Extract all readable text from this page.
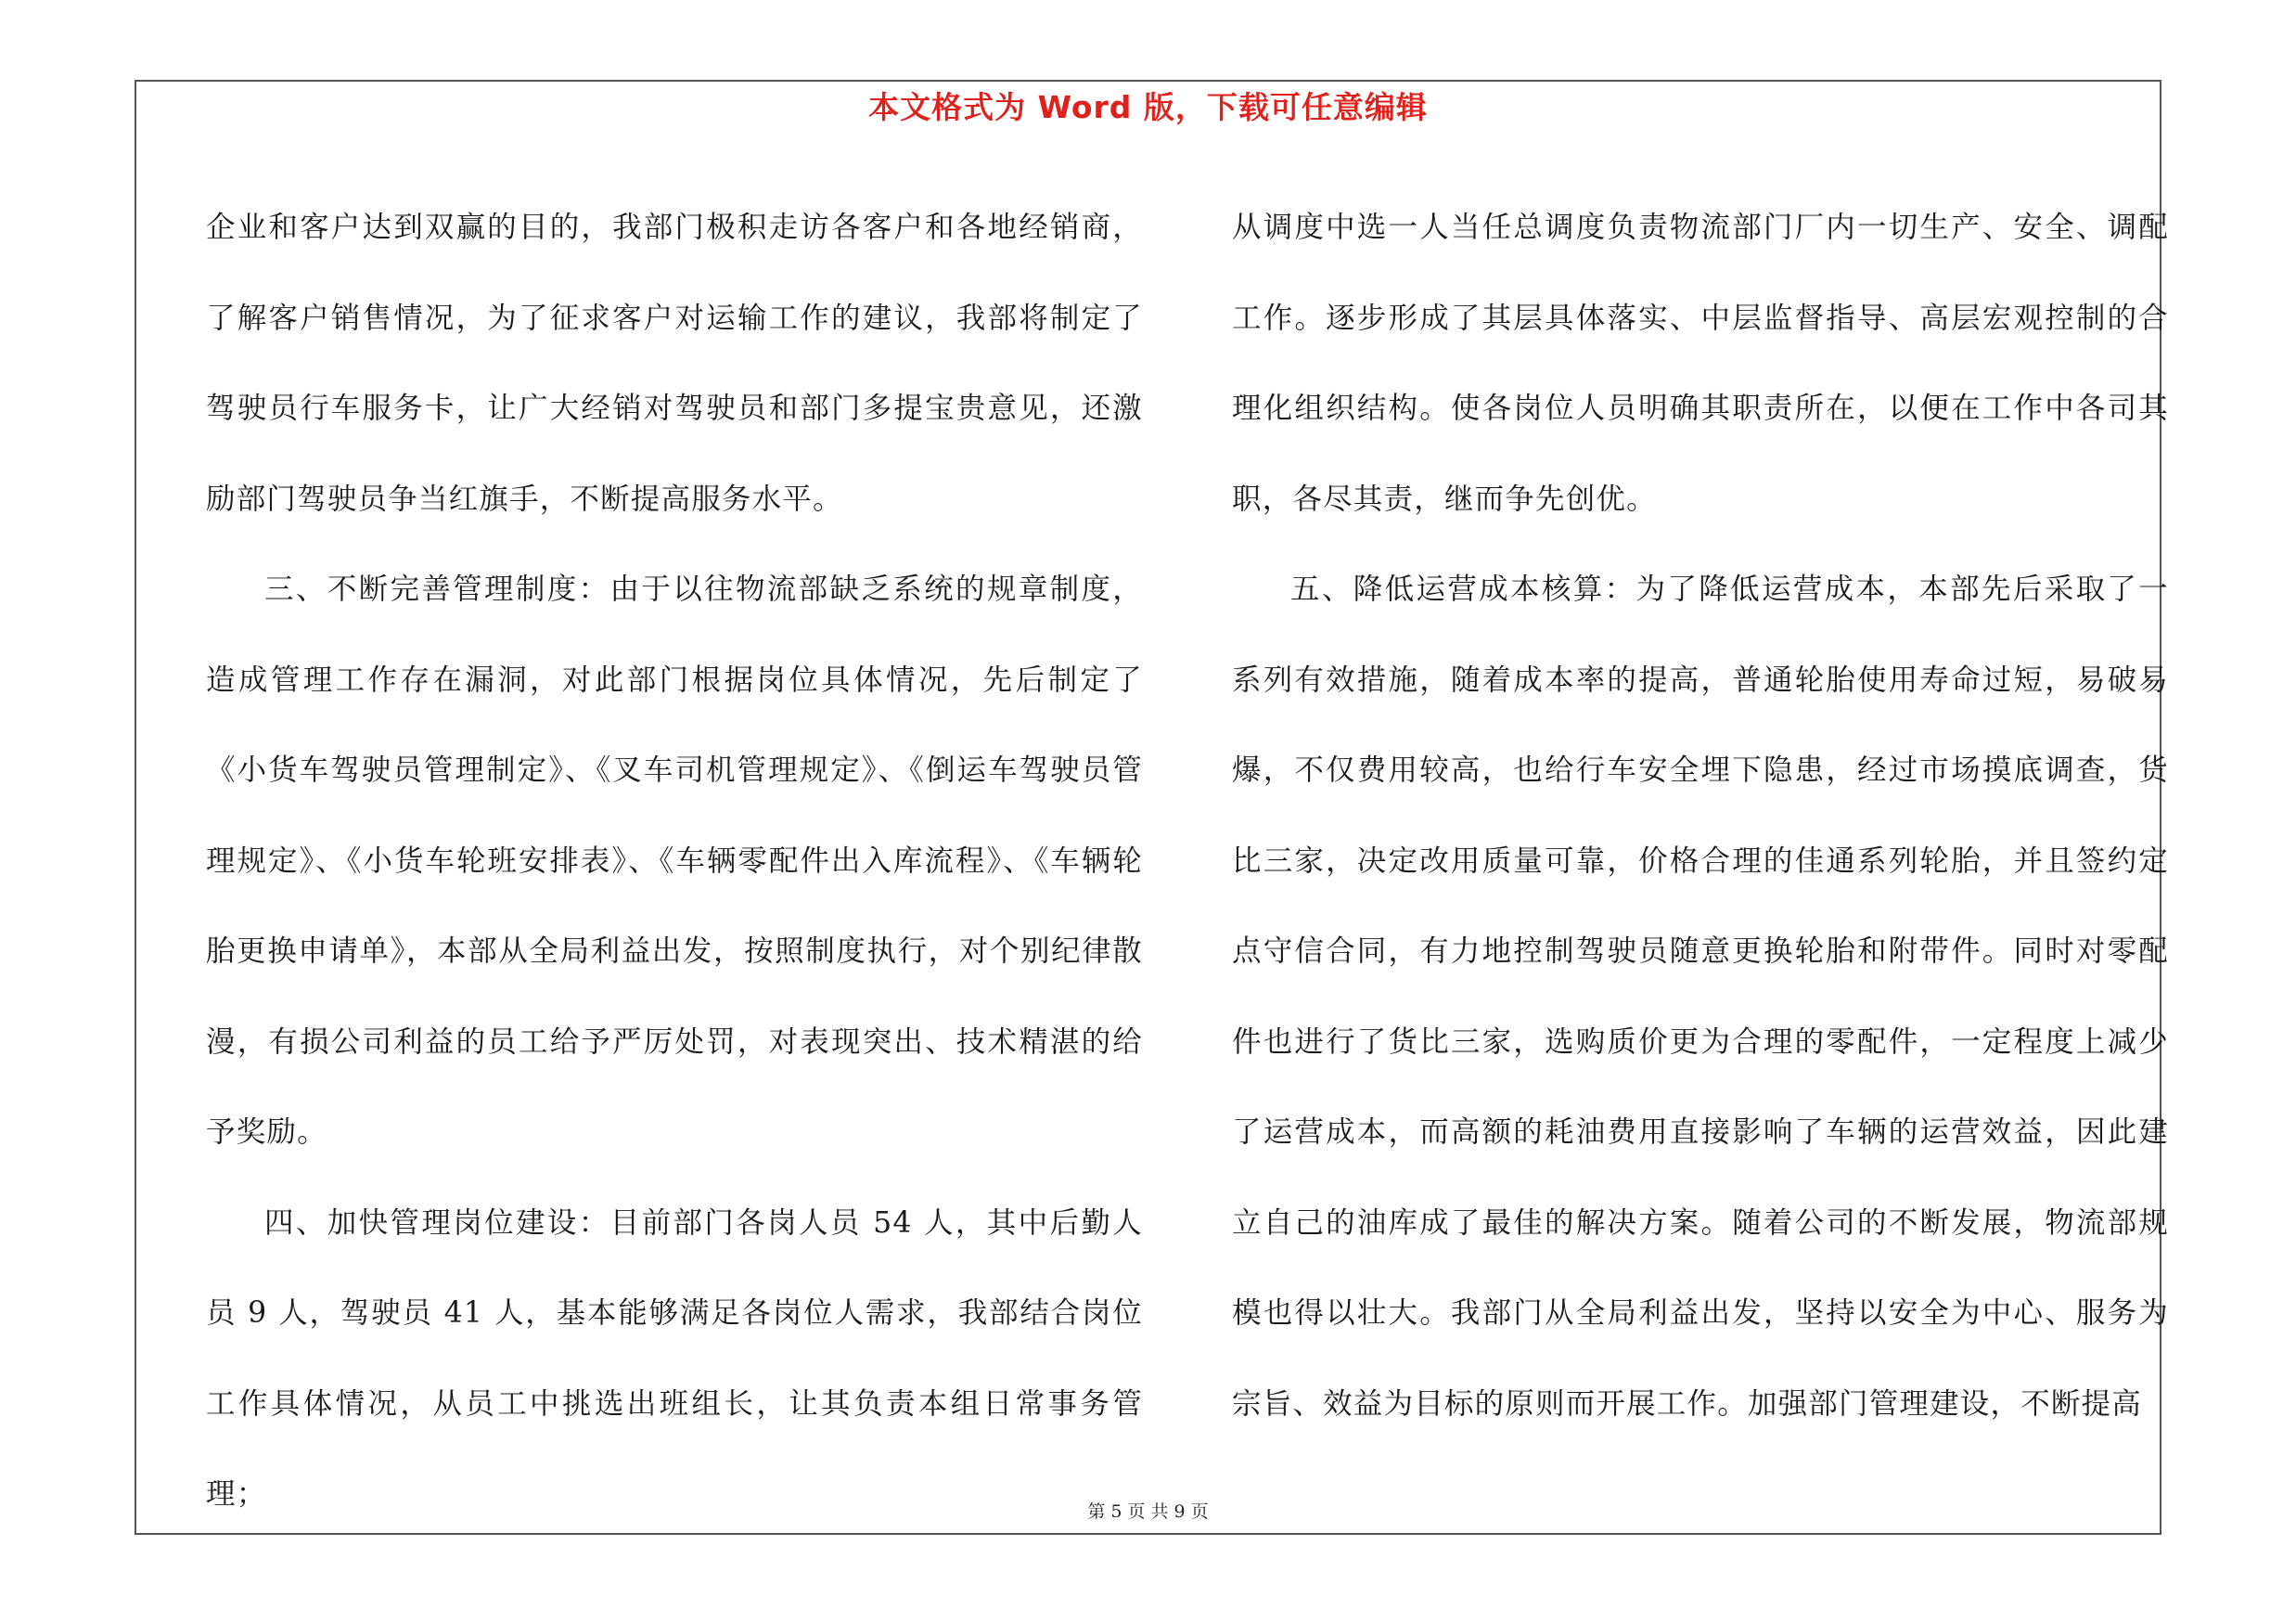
本文格式为 Word 版，下载可任意编辑

企业和客户达到双赢的目的，我部门极积走访各客户和各地经销商，了解客户销售情况，为了征求客户对运输工作的建议，我部将制定了驾驶员行车服务卡，让广大经销对驾驶员和部门多提宝贵意见，还激励部门驾驶员争当红旗手，不断提高服务水平。

三、不断完善管理制度：由于以往物流部缺乏系统的规章制度，造成管理工作存在漏洞，对此部门根据岗位具体情况，先后制定了《小货车驾驶员管理制定》、《叉车司机管理规定》、《倒运车驾驶员管理规定》、《小货车轮班安排表》、《车辆零配件出入库流程》、《车辆轮胎更换申请单》，本部从全局利益出发，按照制度执行，对个别纪律散漫，有损公司利益的员工给予严厉处罚，对表现突出、技术精湛的给予奖励。

四、加快管理岗位建设：目前部门各岗人员 54 人，其中后勤人员 9 人，驾驶员 41 人，基本能够满足各岗位人需求，我部结合岗位工作具体情况，从员工中挑选出班组长，让其负责本组日常事务管理；

从调度中选一人当任总调度负责物流部门厂内一切生产、安全、调配工作。逐步形成了其层具体落实、中层监督指导、高层宏观控制的合理化组织结构。使各岗位人员明确其职责所在，以便在工作中各司其职，各尽其责，继而争先创优。

五、降低运营成本核算：为了降低运营成本，本部先后采取了一系列有效措施，随着成本率的提高，普通轮胎使用寿命过短，易破易爆，不仅费用较高，也给行车安全埋下隐患，经过市场摸底调查，货比三家，决定改用质量可靠，价格合理的佳通系列轮胎，并且签约定点守信合同，有力地控制驾驶员随意更换轮胎和附带件。同时对零配件也进行了货比三家，选购质价更为合理的零配件，一定程度上减少了运营成本，而高额的耗油费用直接影响了车辆的运营效益，因此建立自己的油库成了最佳的解决方案。随着公司的不断发展，物流部规模也得以壮大。我部门从全局利益出发，坚持以安全为中心、服务为宗旨、效益为目标的原则而开展工作。加强部门管理建设，不断提高

第 5 页 共 9 页
